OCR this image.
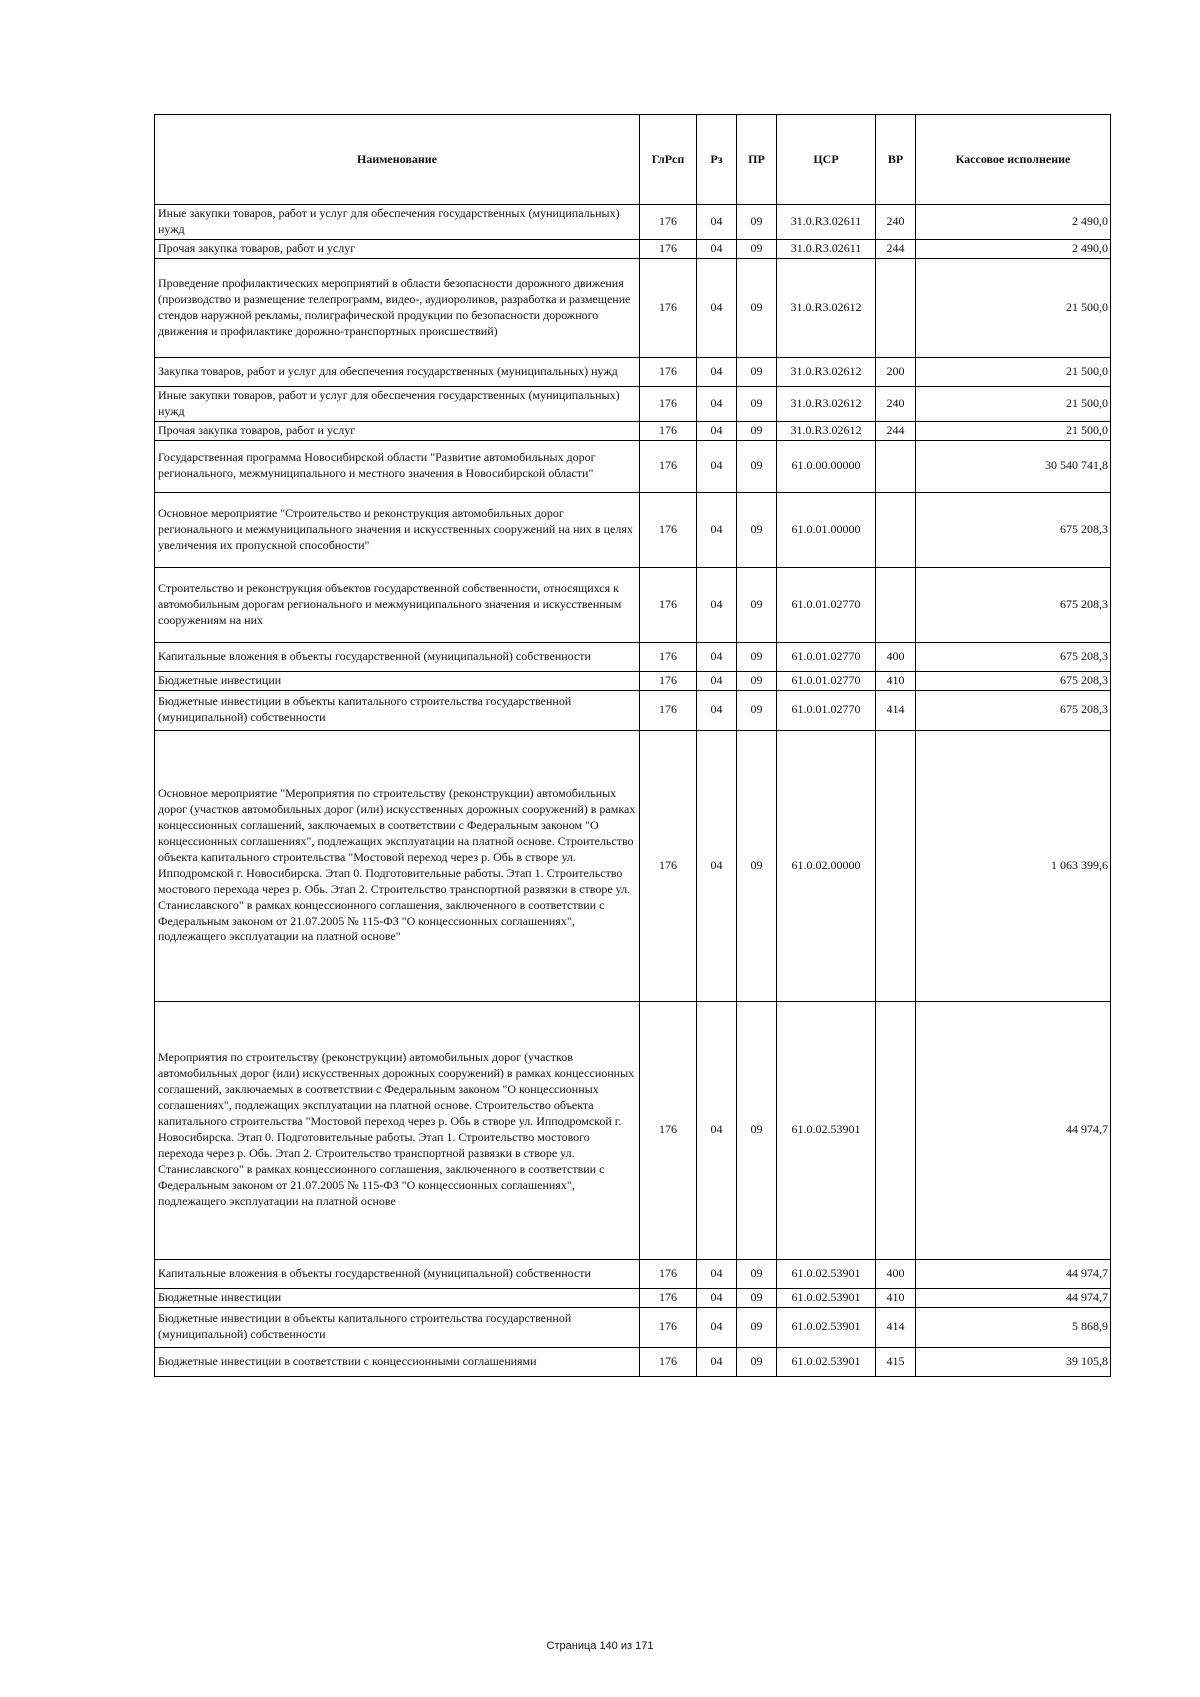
Наименование	ГлРсп	Рз	ПР	ЦСР	ВР	Кассовое исполнение
Иные закупки товаров, работ и услуг для обеспечения государственных (муниципальных) нужд	176	04	09	31.0.R3.02611	240	2 490,0
Прочая закупка товаров, работ и услуг	176	04	09	31.0.R3.02611	244	2 490,0
Проведение профилактических мероприятий в области безопасности дорожного движения (производство и размещение телепрограмм, видео-, аудиороликов, разработка и размещение стендов наружной рекламы, полиграфической продукции по безопасности дорожного движения и профилактике дорожно-транспортных происшествий)	176	04	09	31.0.R3.02612		21 500,0
Закупка товаров, работ и услуг для обеспечения государственных (муниципальных) нужд	176	04	09	31.0.R3.02612	200	21 500,0
Иные закупки товаров, работ и услуг для обеспечения государственных (муниципальных) нужд	176	04	09	31.0.R3.02612	240	21 500,0
Прочая закупка товаров, работ и услуг	176	04	09	31.0.R3.02612	244	21 500,0
Государственная программа Новосибирской области "Развитие автомобильных дорог регионального, межмуниципального и местного значения в Новосибирской области"	176	04	09	61.0.00.00000		30 540 741,8
Основное мероприятие "Строительство и реконструкция автомобильных дорог регионального и межмуниципального значения и искусственных сооружений на них в целях увеличения их пропускной способности"	176	04	09	61.0.01.00000		675 208,3
Строительство и реконструкция объектов государственной собственности, относящихся к автомобильным дорогам регионального и межмуниципального значения и искусственным сооружениям на них	176	04	09	61.0.01.02770		675 208,3
Капитальные вложения в объекты государственной (муниципальной) собственности	176	04	09	61.0.01.02770	400	675 208,3
Бюджетные инвестиции	176	04	09	61.0.01.02770	410	675 208,3
Бюджетные инвестиции в объекты капитального строительства государственной (муниципальной) собственности	176	04	09	61.0.01.02770	414	675 208,3
Основное мероприятие "Мероприятия по строительству (реконструкции) автомобильных дорог (участков автомобильных дорог (или) искусственных дорожных сооружений) в рамках концессионных соглашений, заключаемых в соответствии с Федеральным законом "О концессионных соглашениях", подлежащих эксплуатации на платной основе. Строительство объекта капитального строительства "Мостовой переход через р. Обь в створе ул. Ипподромской г. Новосибирска. Этап 0. Подготовительные работы. Этап 1. Строительство мостового перехода через р. Обь. Этап 2. Строительство транспортной развязки в створе ул. Станиславского" в рамках концессионного соглашения, заключенного в соответствии с Федеральным законом от 21.07.2005 № 115-ФЗ "О концессионных соглашениях", подлежащего эксплуатации на платной основе"	176	04	09	61.0.02.00000		1 063 399,6
Мероприятия по строительству (реконструкции) автомобильных дорог (участков автомобильных дорог (или) искусственных дорожных сооружений) в рамках концессионных соглашений, заключаемых в соответствии с Федеральным законом "О концессионных соглашениях", подлежащих эксплуатации на платной основе. Строительство объекта капитального строительства "Мостовой переход через р. Обь в створе ул. Ипподромской г. Новосибирска. Этап 0. Подготовительные работы. Этап 1. Строительство мостового перехода через р. Обь. Этап 2. Строительство транспортной развязки в створе ул. Станиславского" в рамках концессионного соглашения, заключенного в соответствии с Федеральным законом от 21.07.2005 № 115-ФЗ "О концессионных соглашениях", подлежащего эксплуатации на платной основе	176	04	09	61.0.02.53901		44 974,7
Капитальные вложения в объекты государственной (муниципальной) собственности	176	04	09	61.0.02.53901	400	44 974,7
Бюджетные инвестиции	176	04	09	61.0.02.53901	410	44 974,7
Бюджетные инвестиции в объекты капитального строительства государственной (муниципальной) собственности	176	04	09	61.0.02.53901	414	5 868,9
Бюджетные инвестиции в соответствии с концессионными соглашениями	176	04	09	61.0.02.53901	415	39 105,8
Страница 140 из 171
